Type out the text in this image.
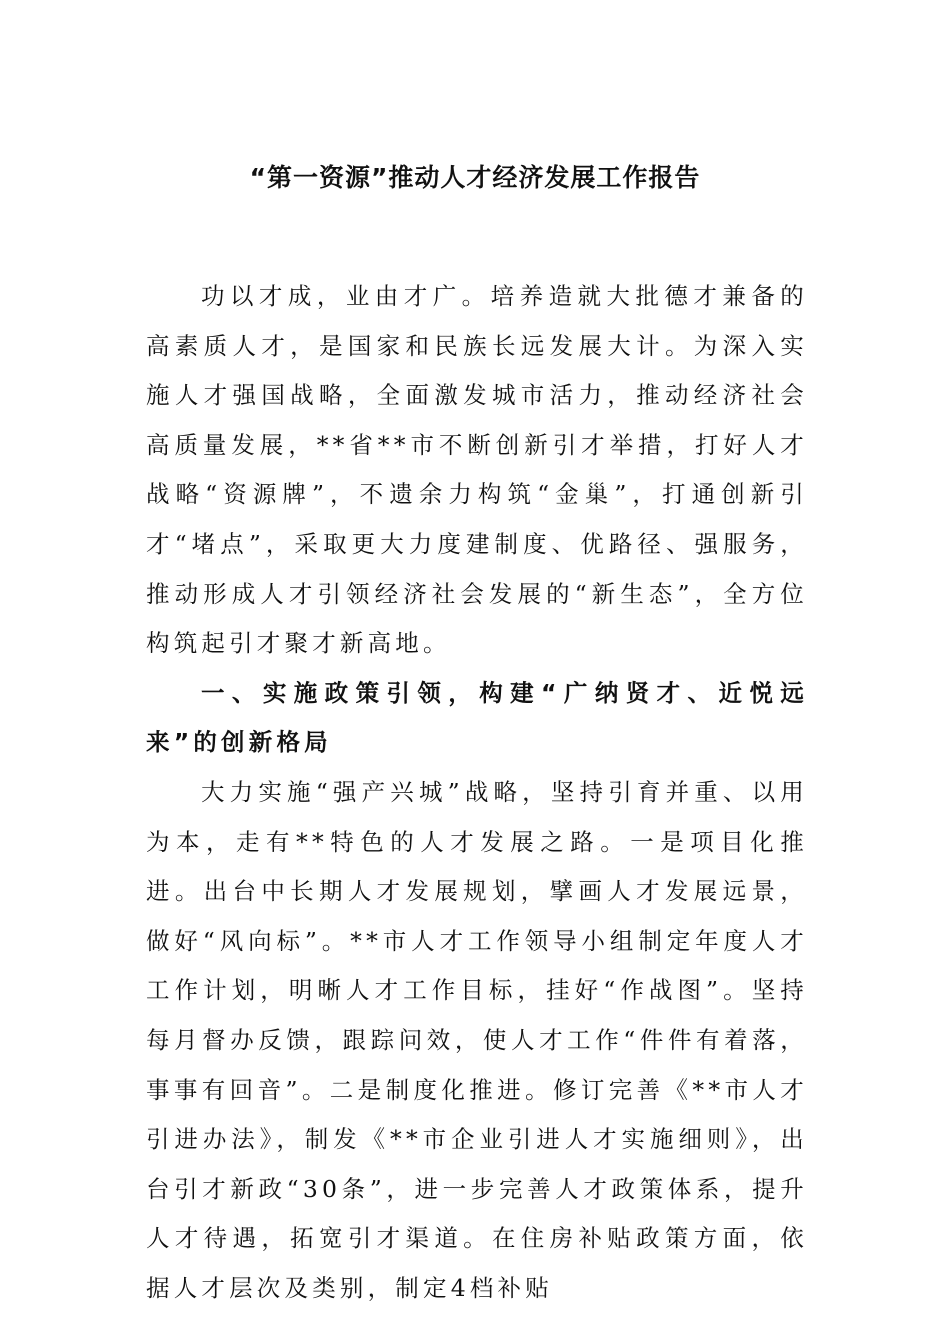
“第一资源”推动人才经济发展工作报告

功以才成，业由才广。培养造就大批德才兼备的高素质人才，是国家和民族长远发展大计。为深入实施人才强国战略，全面激发城市活力，推动经济社会高质量发展，**省**市不断创新引才举措，打好人才战略“资源牌”，不遗余力构筑“金巢”，打通创新引才“堵点”，采取更大力度建制度、优路径、强服务，推动形成人才引领经济社会发展的“新生态”，全方位构筑起引才聚才新高地。

一、实施政策引领，构建“广纳贤才、近悦远来”的创新格局

大力实施“强产兴城”战略，坚持引育并重、以用为本，走有**特色的人才发展之路。一是项目化推进。出台中长期人才发展规划，擘画人才发展远景，做好“风向标”。**市人才工作领导小组制定年度人才工作计划，明晰人才工作目标，挂好“作战图”。坚持每月督办反馈，跟踪问效，使人才工作“件件有着落，事事有回音”。二是制度化推进。修订完善《**市人才引进办法》，制发《**市企业引进人才实施细则》，出台引才新政“30条”，进一步完善人才政策体系，提升人才待遇，拓宽引才渠道。在住房补贴政策方面，依据人才层次及类别，制定4档补贴
